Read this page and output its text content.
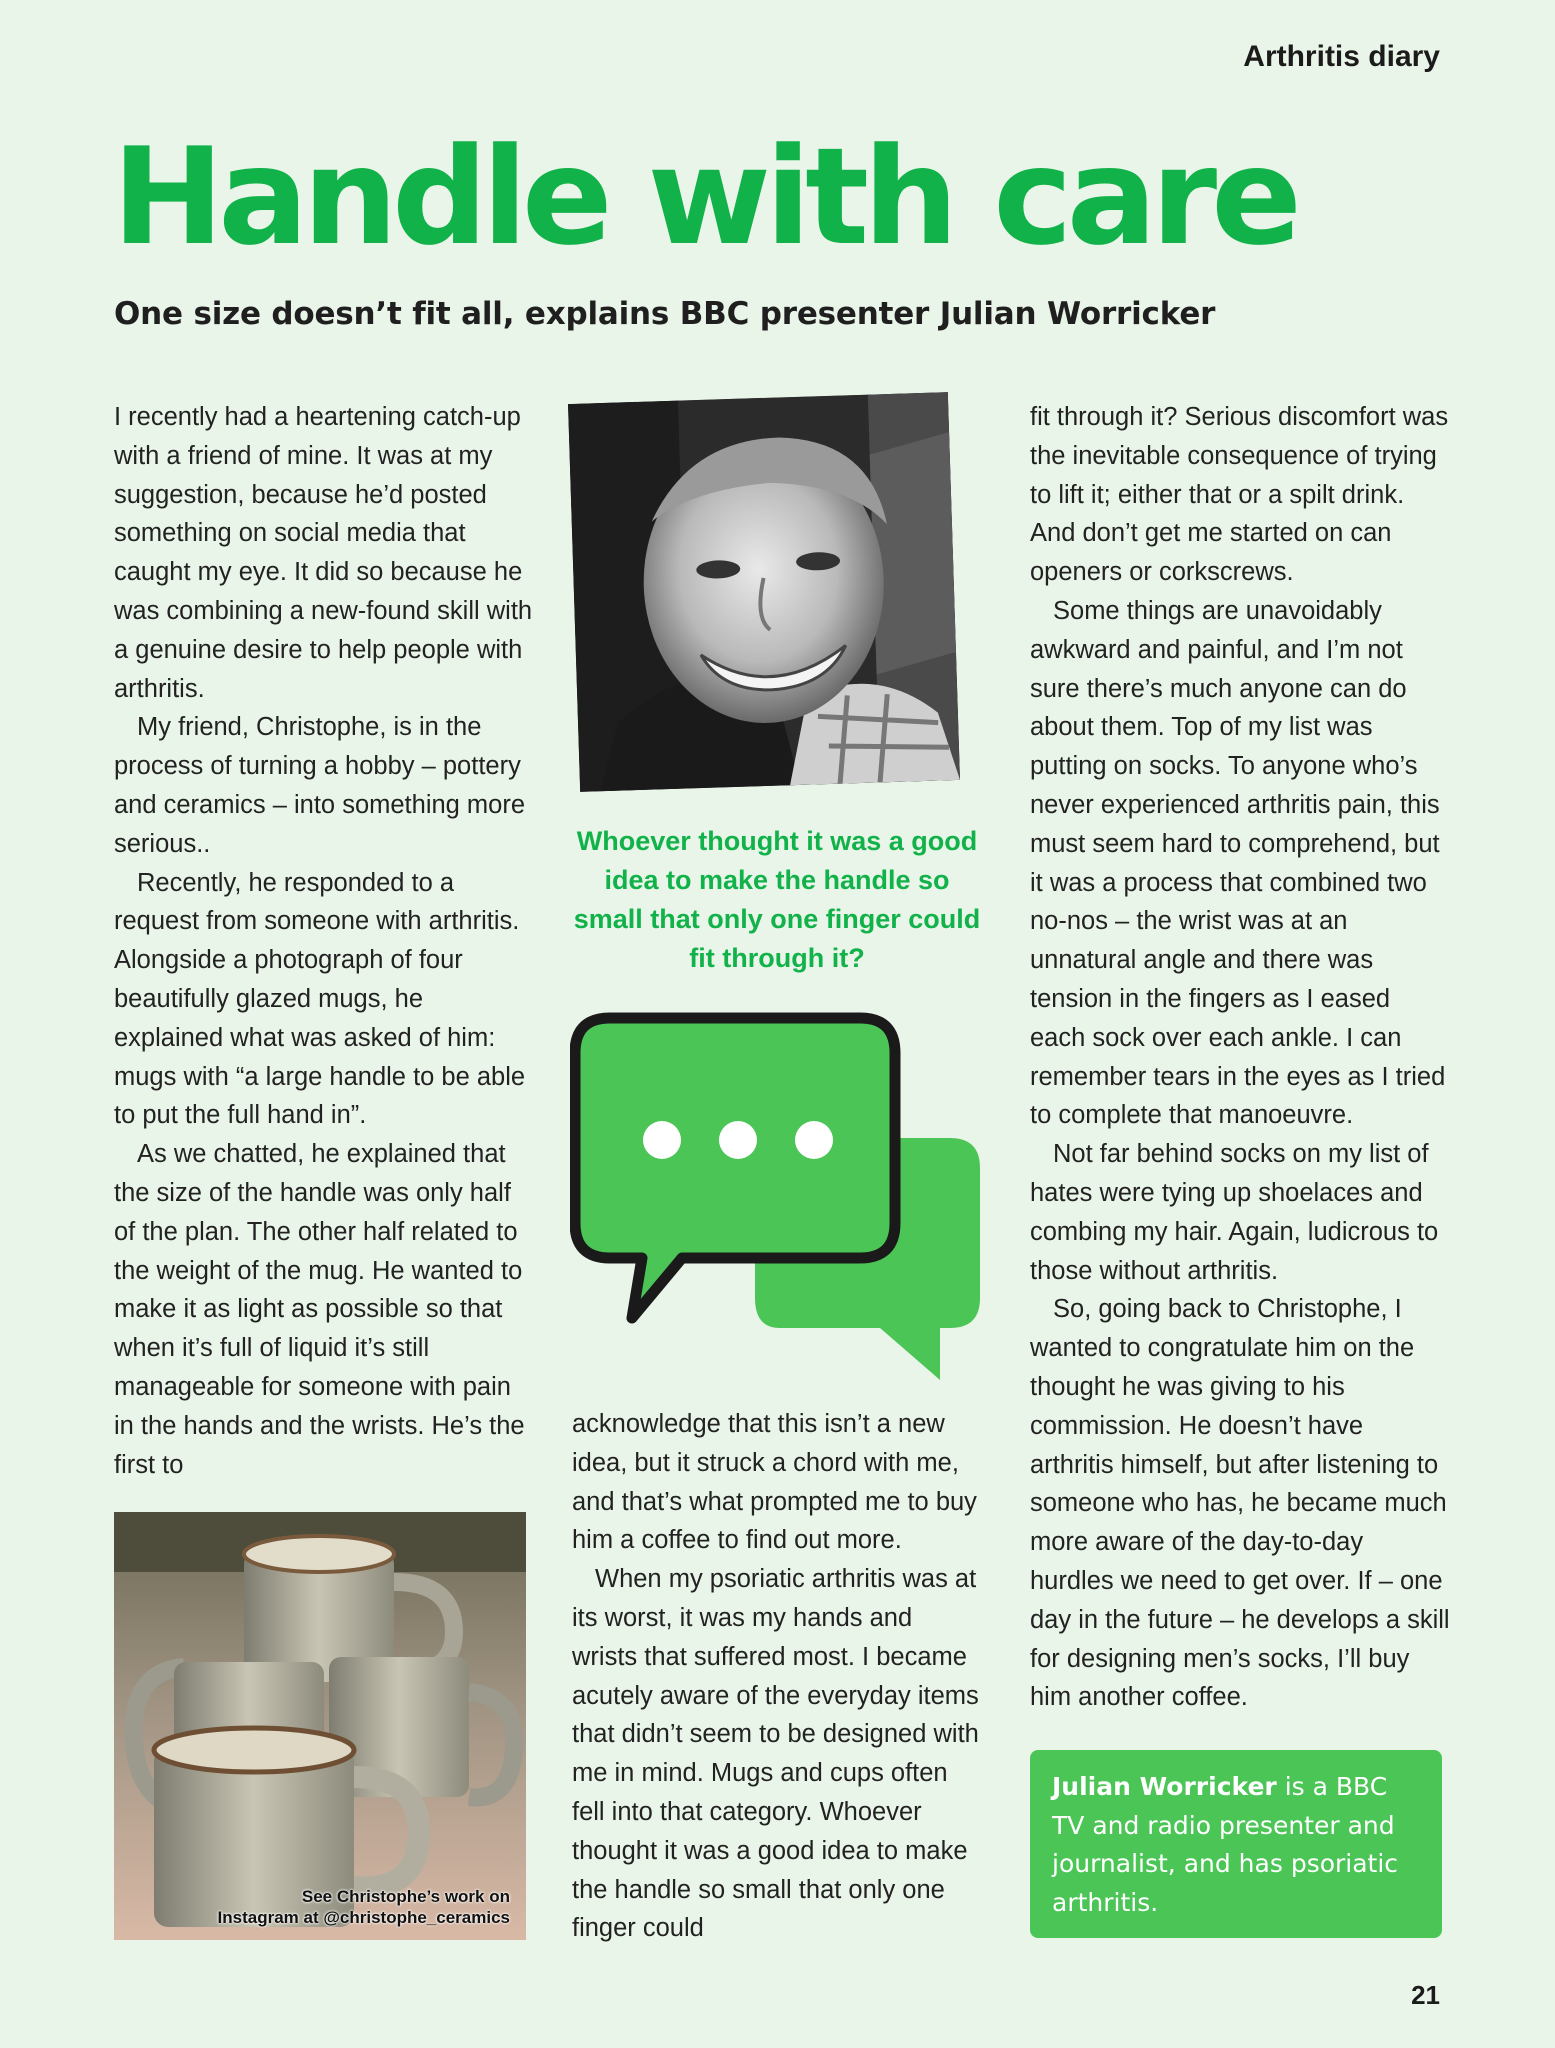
Arthritis diary
Handle with care
One size doesn’t fit all, explains BBC presenter Julian Worricker

I recently had a heartening catch-up with a friend of mine. It was at my suggestion, because he’d posted something on social media that caught my eye. It did so because he was combining a new-found skill with a genuine desire to help people with arthritis.

My friend, Christophe, is in the process of turning a hobby – pottery and ceramics – into something more serious..

Recently, he responded to a request from someone with arthritis. Alongside a photograph of four beautifully glazed mugs, he explained what was asked of him: mugs with “a large handle to be able to put the full hand in”.

As we chatted, he explained that the size of the handle was only half of the plan. The other half related to the weight of the mug. He wanted to make it as light as possible so that when it’s full of liquid it’s still manageable for someone with pain in the hands and the wrists. He’s the first to

Whoever thought it was a good idea to make the handle so small that only one finger could fit through it?

acknowledge that this isn’t a new idea, but it struck a chord with me, and that’s what prompted me to buy him a coffee to find out more.

When my psoriatic arthritis was at its worst, it was my hands and wrists that suffered most. I became acutely aware of the everyday items that didn’t seem to be designed with me in mind. Mugs and cups often fell into that category. Whoever thought it was a good idea to make the handle so small that only one finger could

See Christophe’s work on
Instagram at @christophe_ceramics

fit through it? Serious discomfort was the inevitable consequence of trying to lift it; either that or a spilt drink. And don’t get me started on can openers or corkscrews.

Some things are unavoidably awkward and painful, and I’m not sure there’s much anyone can do about them. Top of my list was putting on socks. To anyone who’s never experienced arthritis pain, this must seem hard to comprehend, but it was a process that combined two no-nos – the wrist was at an unnatural angle and there was tension in the fingers as I eased each sock over each ankle. I can remember tears in the eyes as I tried to complete that manoeuvre.

Not far behind socks on my list of hates were tying up shoelaces and combing my hair. Again, ludicrous to those without arthritis.

So, going back to Christophe, I wanted to congratulate him on the thought he was giving to his commission. He doesn’t have arthritis himself, but after listening to someone who has, he became much more aware of the day-to-day hurdles we need to get over. If – one day in the future – he develops a skill for designing men’s socks, I’ll buy him another coffee.

Julian Worricker is a BBC TV and radio presenter and journalist, and has psoriatic arthritis.
21
